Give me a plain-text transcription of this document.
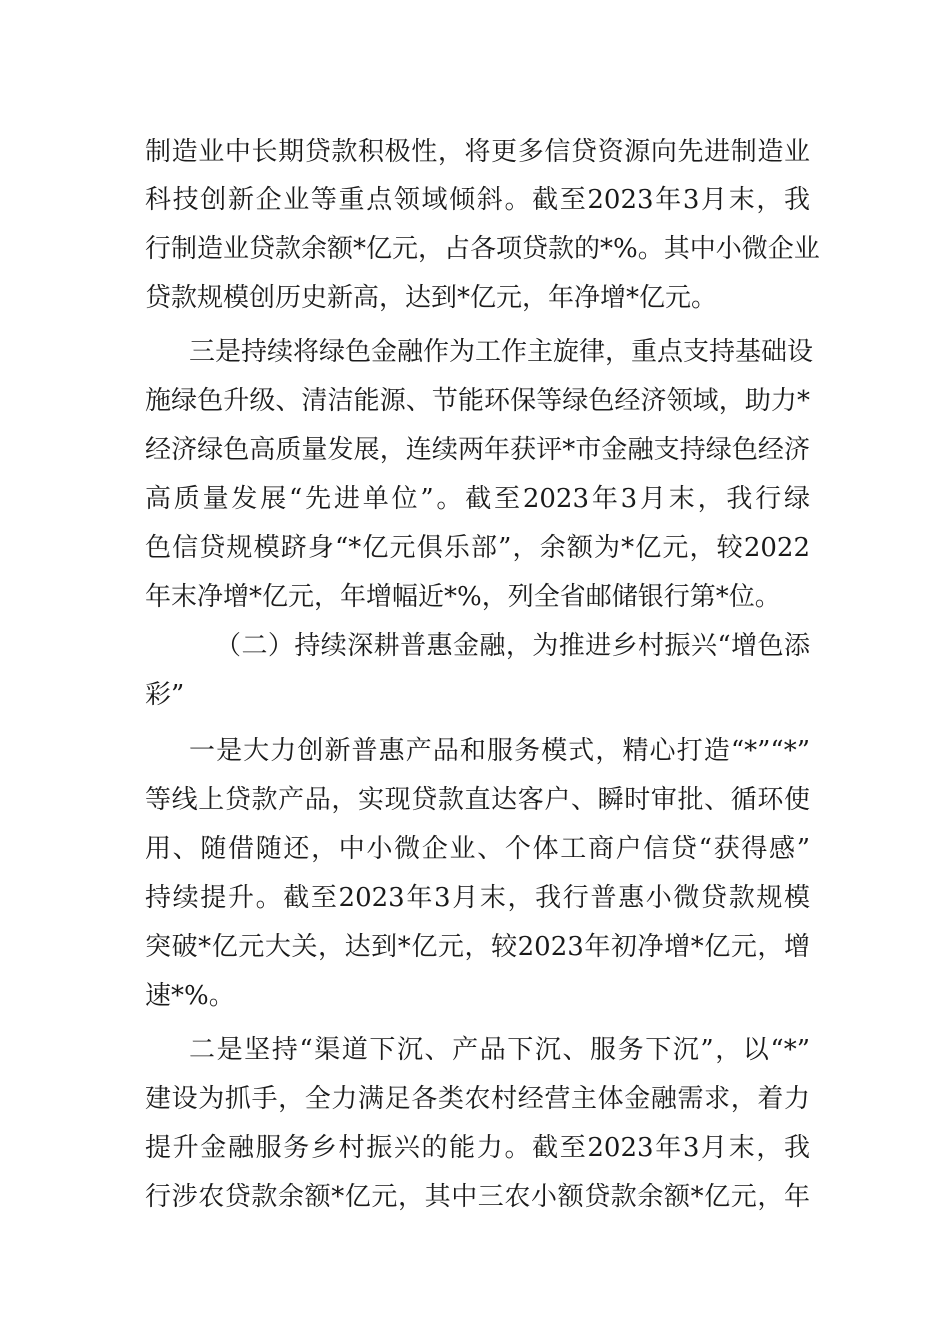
制造业中长期贷款积极性，将更多信贷资源向先进制造业
科技创新企业等重点领域倾斜。截至2023年3月末，我
行制造业贷款余额*亿元，占各项贷款的*%。其中小微企业
贷款规模创历史新高，达到*亿元，年净增*亿元。
三是持续将绿色金融作为工作主旋律，重点支持基础设
施绿色升级、清洁能源、节能环保等绿色经济领域，助力*
经济绿色高质量发展，连续两年获评*市金融支持绿色经济
高质量发展“先进单位”。截至2023年3月末，我行绿
色信贷规模跻身“*亿元俱乐部”，余额为*亿元，较2022
年末净增*亿元，年增幅近*%，列全省邮储银行第*位。
（二）持续深耕普惠金融，为推进乡村振兴“增色添
彩”
一是大力创新普惠产品和服务模式，精心打造“*”“*”
等线上贷款产品，实现贷款直达客户、瞬时审批、循环使
用、随借随还，中小微企业、个体工商户信贷“获得感”
持续提升。截至2023年3月末，我行普惠小微贷款规模
突破*亿元大关，达到*亿元，较2023年初净增*亿元，增
速*%。
二是坚持“渠道下沉、产品下沉、服务下沉”，以“*”
建设为抓手，全力满足各类农村经营主体金融需求，着力
提升金融服务乡村振兴的能力。截至2023年3月末，我
行涉农贷款余额*亿元，其中三农小额贷款余额*亿元，年
